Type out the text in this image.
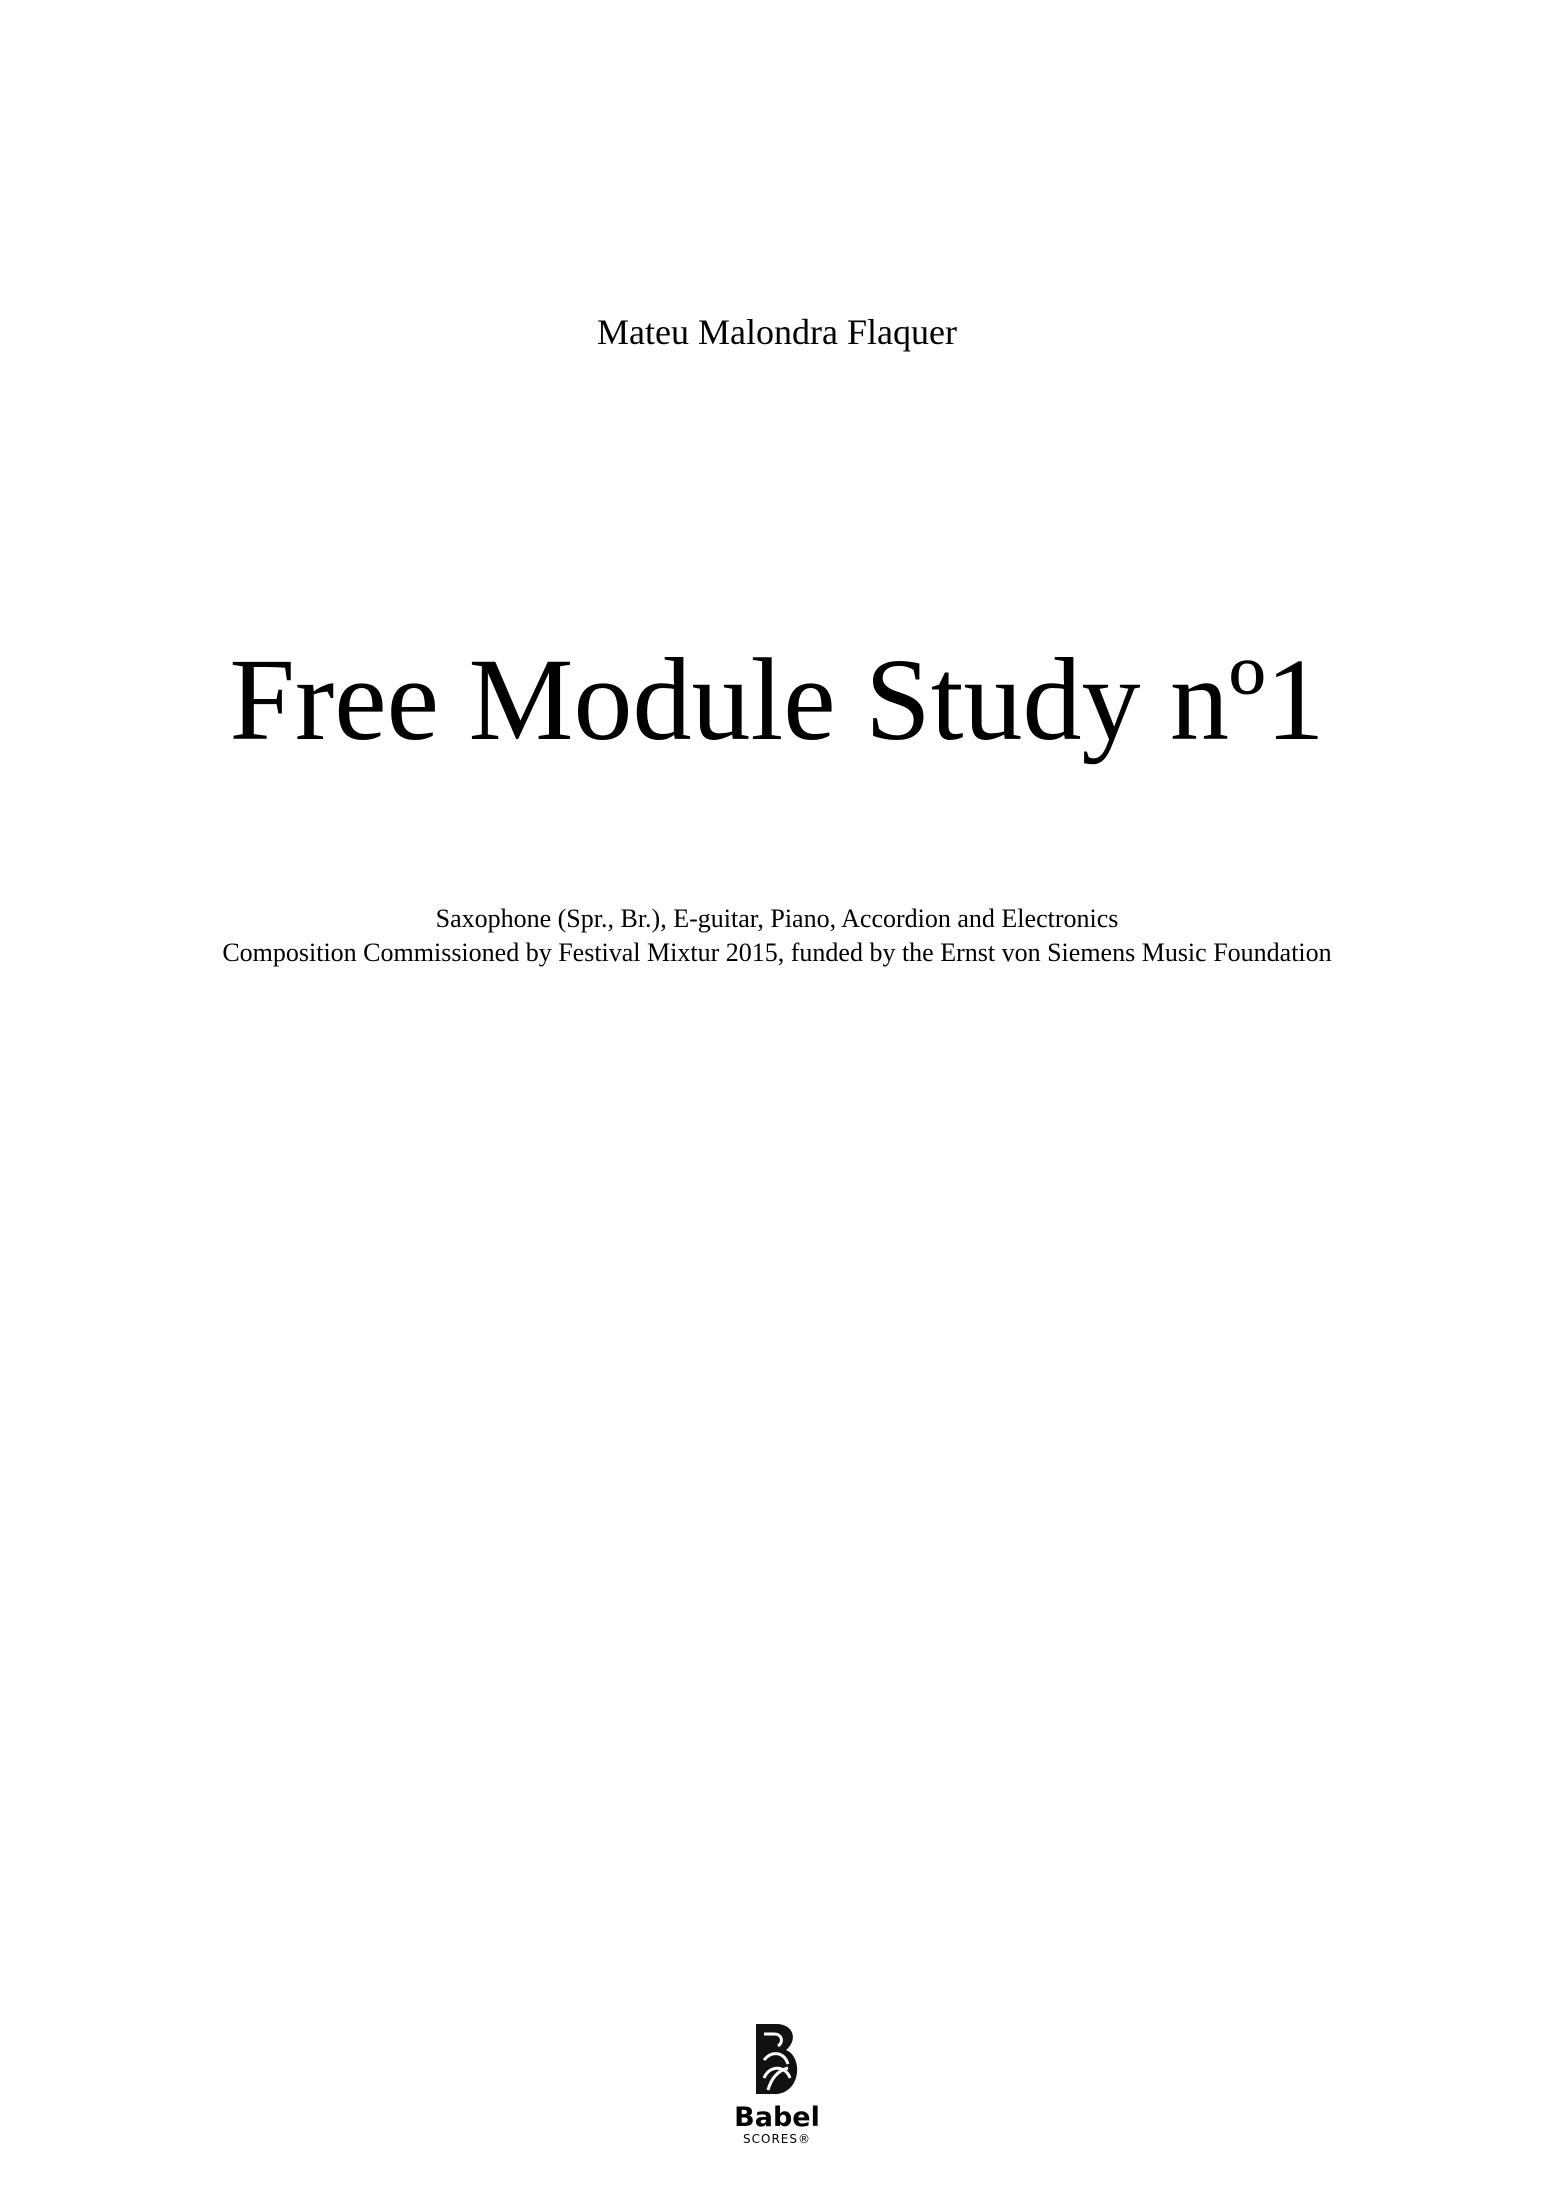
Mateu Malondra Flaquer
Free Module Study nº1
Saxophone (Spr., Br.), E-guitar, Piano, Accordion and Electronics
Composition Commissioned by Festival Mixtur 2015, funded by the Ernst von Siemens Music Foundation
Babel
SCORES®
